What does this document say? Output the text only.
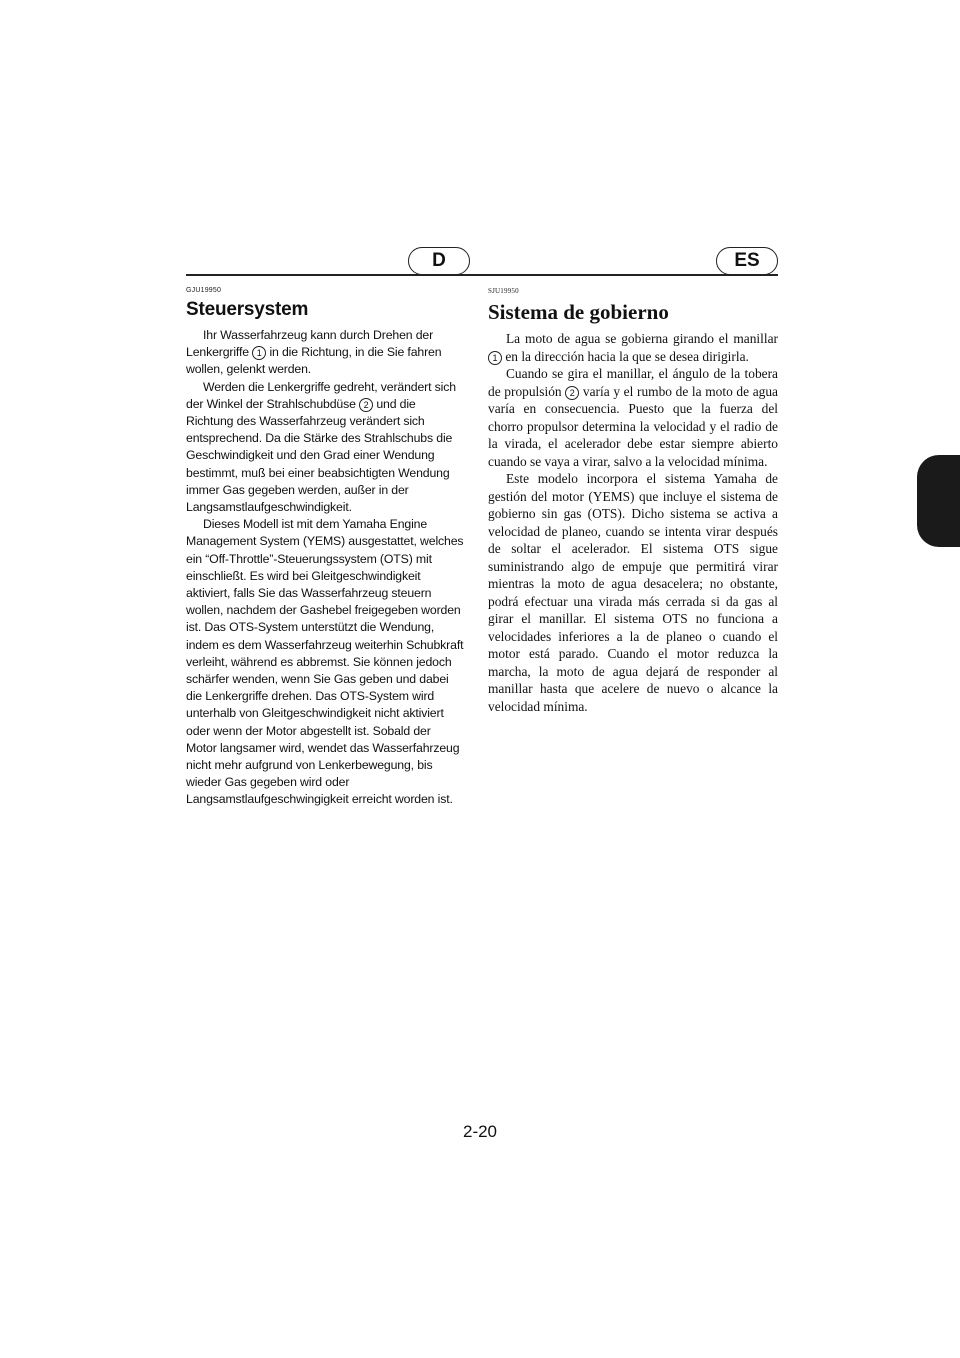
D	ES
GJU19950
Steuersystem

Ihr Wasserfahrzeug kann durch Drehen der Lenkergriffe 1 in die Richtung, in die Sie fahren wollen, gelenkt werden.

Werden die Lenkergriffe gedreht, verändert sich der Winkel der Strahlschubdüse 2 und die Richtung des Wasserfahrzeug verändert sich entsprechend. Da die Stärke des Strahlschubs die Geschwindigkeit und den Grad einer Wendung bestimmt, muß bei einer beabsichtigten Wendung immer Gas gegeben werden, außer in der Langsamstlaufgeschwindigkeit.

Dieses Modell ist mit dem Yamaha Engine Management System (YEMS) ausgestattet, welches ein “Off-Throttle”-Steuerungssystem (OTS) mit einschließt. Es wird bei Gleitgeschwindigkeit aktiviert, falls Sie das Wasserfahrzeug steuern wollen, nachdem der Gashebel freigegeben worden ist. Das OTS-System unterstützt die Wendung, indem es dem Wasserfahrzeug weiterhin Schubkraft verleiht, während es abbremst. Sie können jedoch schärfer wenden, wenn Sie Gas geben und dabei die Lenkergriffe drehen. Das OTS-System wird unterhalb von Gleitgeschwindigkeit nicht aktiviert oder wenn der Motor abgestellt ist. Sobald der Motor langsamer wird, wendet das Wasserfahrzeug nicht mehr aufgrund von Lenkerbewegung, bis wieder Gas gegeben wird oder Langsamstlaufgeschwingigkeit erreicht worden ist.

SJU19950
Sistema de gobierno

La moto de agua se gobierna girando el manillar 1 en la dirección hacia la que se desea dirigirla.

Cuando se gira el manillar, el ángulo de la tobera de propulsión 2 varía y el rumbo de la moto de agua varía en consecuencia. Puesto que la fuerza del chorro propulsor determina la velocidad y el radio de la virada, el acelerador debe estar siempre abierto cuando se vaya a virar, salvo a la velocidad mínima.

Este modelo incorpora el sistema Yamaha de gestión del motor (YEMS) que incluye el sistema de gobierno sin gas (OTS). Dicho sistema se activa a velocidad de planeo, cuando se intenta virar después de soltar el acelerador. El sistema OTS sigue suministrando algo de empuje que permitirá virar mientras la moto de agua desacelera; no obstante, podrá efectuar una virada más cerrada si da gas al girar el manillar. El sistema OTS no funciona a velocidades inferiores a la de planeo o cuando el motor está parado. Cuando el motor reduzca la marcha, la moto de agua dejará de responder al manillar hasta que acelere de nuevo o alcance la velocidad mínima.

2-20
